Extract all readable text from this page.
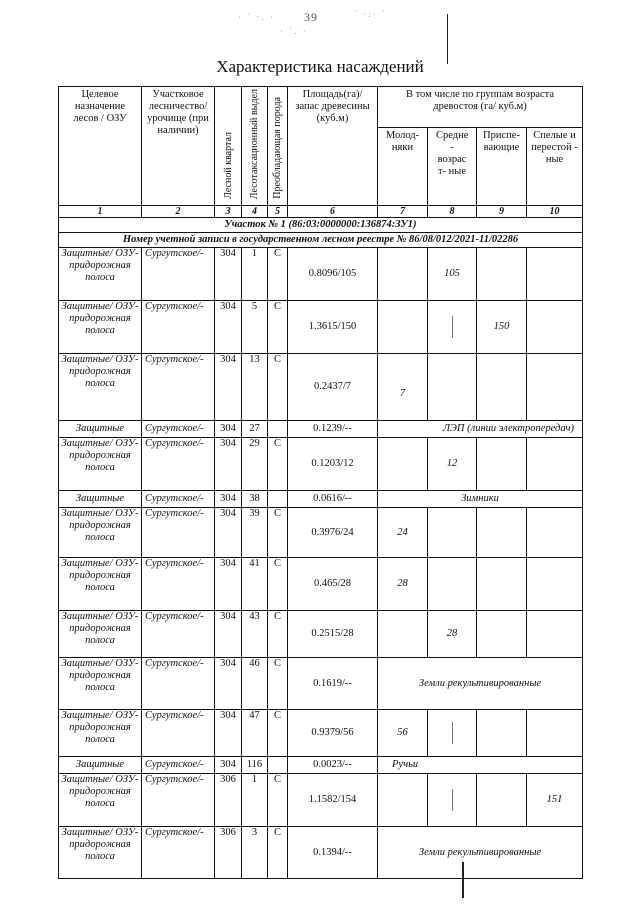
39
· ˙ ·. ·	˙ ·:· ˙
· ˙. ·
Характеристика насаждений
Целевое назначение лесов / ОЗУ	Участковое лесничество/ урочище (при наличии)	Лесной квартал	Лесотаксационный выдел	Преобладающая порода	Площадь(га)/ запас древесины (куб.м)	В том числе по группам возраста древостоя (га/ куб.м)			
						Молод-няки	Средне - возрас т- ные	Приспе-вающие	Спелые и перестой - ные
1	2	3	4	5	6	7	8	9	10
Участок № 1 (86:03:0000000:136874:ЗУ1)									
Номер учетной записи в государственном лесном реестре № 86/08/012/2021-11/02286									
Защитные/ ОЗУ- придорожная полоса	Сургутское/-	304	1	С	0.8096/105		105		
Защитные/ ОЗУ- придорожная полоса	Сургутское/-	304	5	С	1.3615/150			150	
Защитные/ ОЗУ- придорожная полоса	Сургутское/-	304	13	С	0.2437/7	7			
Защитные	Сургутское/-	304	27		0.1239/--	ЛЭП (линии электропередач)			
Защитные/ ОЗУ- придорожная полоса	Сургутское/-	304	29	С	0.1203/12		12		
Защитные	Сургутское/-	304	38		0.0616/--	Зимники			
Защитные/ ОЗУ- придорожная полоса	Сургутское/-	304	39	С	0.3976/24	24			
Защитные/ ОЗУ- придорожная полоса	Сургутское/-	304	41	С	0.465/28	28			
Защитные/ ОЗУ- придорожная полоса	Сургутское/-	304	43	С	0.2515/28		28		
Защитные/ ОЗУ- придорожная полоса	Сургутское/-	304	46	С	0.1619/--	Земли рекультивированные			
Защитные/ ОЗУ- придорожная полоса	Сургутское/-	304	47	С	0.9379/56	56			
Защитные	Сургутское/-	304	116		0.0023/--	Ручьи			
Защитные/ ОЗУ- придорожная полоса	Сургутское/-	306	1	С	1.1582/154				151
Защитные/ ОЗУ- придорожная полоса	Сургутское/-	306	3	С	0.1394/--	Земли рекультивированные			
